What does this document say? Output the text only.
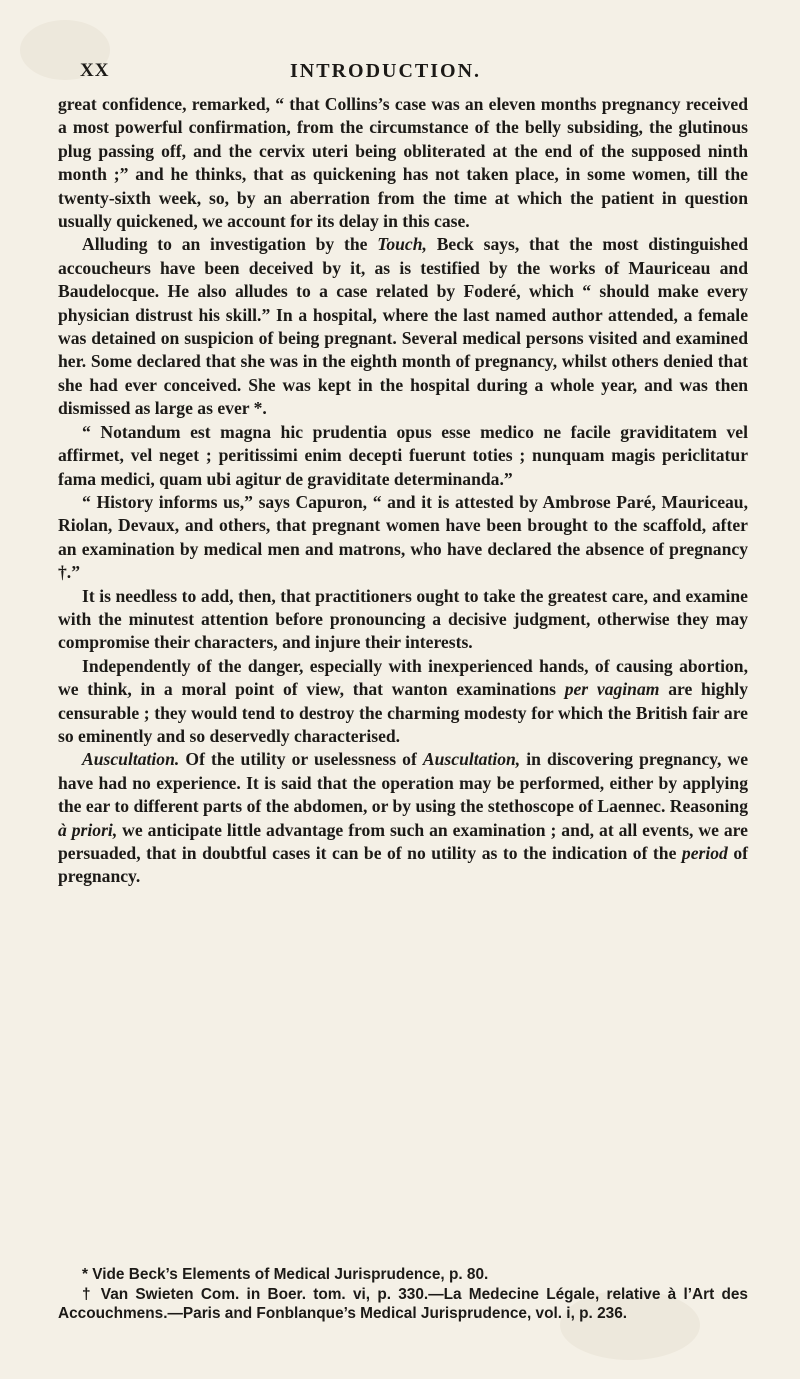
XX	INTRODUCTION.

great confidence, remarked, “ that Collins’s case was an eleven months pregnancy received a most powerful confirmation, from the circumstance of the belly subsiding, the glutinous plug passing off, and the cervix uteri being obliterated at the end of the supposed ninth month ;” and he thinks, that as quickening has not taken place, in some women, till the twenty-sixth week, so, by an aberration from the time at which the patient in question usually quickened, we account for its delay in this case.

Alluding to an investigation by the Touch, Beck says, that the most distinguished accoucheurs have been deceived by it, as is testified by the works of Mauriceau and Baudelocque. He also alludes to a case related by Foderé, which “ should make every physician distrust his skill.” In a hospital, where the last named author attended, a female was detained on suspicion of being pregnant. Several medical persons visited and examined her. Some declared that she was in the eighth month of pregnancy, whilst others denied that she had ever conceived. She was kept in the hospital during a whole year, and was then dismissed as large as ever *.

“ Notandum est magna hic prudentia opus esse medico ne facile graviditatem vel affirmet, vel neget ; peritissimi enim decepti fuerunt toties ; nunquam magis periclitatur fama medici, quam ubi agitur de graviditate determinanda.”

“ History informs us,” says Capuron, “ and it is attested by Ambrose Paré, Mauriceau, Riolan, Devaux, and others, that pregnant women have been brought to the scaffold, after an examination by medical men and matrons, who have declared the absence of pregnancy †.”

It is needless to add, then, that practitioners ought to take the greatest care, and examine with the minutest attention before pronouncing a decisive judgment, otherwise they may compromise their characters, and injure their interests.

Independently of the danger, especially with inexperienced hands, of causing abortion, we think, in a moral point of view, that wanton examinations per vaginam are highly censurable ; they would tend to destroy the charming modesty for which the British fair are so eminently and so deservedly characterised.

Auscultation. Of the utility or uselessness of Auscultation, in discovering pregnancy, we have had no experience. It is said that the operation may be performed, either by applying the ear to different parts of the abdomen, or by using the stethoscope of Laennec. Reasoning à priori, we anticipate little advantage from such an examination ; and, at all events, we are persuaded, that in doubtful cases it can be of no utility as to the indication of the period of pregnancy.

* Vide Beck’s Elements of Medical Jurisprudence, p. 80.

† Van Swieten Com. in Boer. tom. vi, p. 330.—La Medecine Légale, relative à l’Art des Accouchmens.—Paris and Fonblanque’s Medical Jurisprudence, vol. i, p. 236.
